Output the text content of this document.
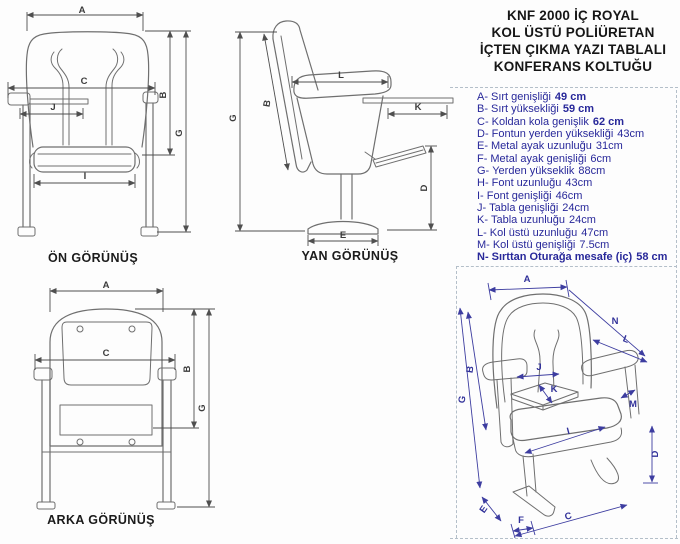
A
C
J
I
B
G
ÖN GÖRÜNÜŞ
G
B
L
K
D
E
YAN GÖRÜNÜŞ
A
C
B
G
ARKA GÖRÜNÜŞ
A
N
L
B
G
J
K
M
D
I
E
F	C
KNF 2000 İÇ ROYAL
KOL ÜSTÜ POLİÜRETAN
İÇTEN ÇIKMA YAZI TABLALI
KONFERANS KOLTUĞU
A- Sırt genişliği 49 cm
B- Sırt yüksekliği 59 cm
C- Koldan kola genişlik 62 cm
D- Fontun yerden yüksekliği 43cm
E- Metal ayak uzunluğu 31cm
F- Metal ayak genişliği 6cm
G- Yerden yükseklik 88cm
H- Font uzunluğu 43cm
I- Font genişliği 46cm
J- Tabla genişliği 24cm
K- Tabla uzunluğu 24cm
L- Kol üstü uzunluğu 47cm
M- Kol üstü genişliği 7.5cm
N- Sırttan Oturağa mesafe (iç) 58 cm
